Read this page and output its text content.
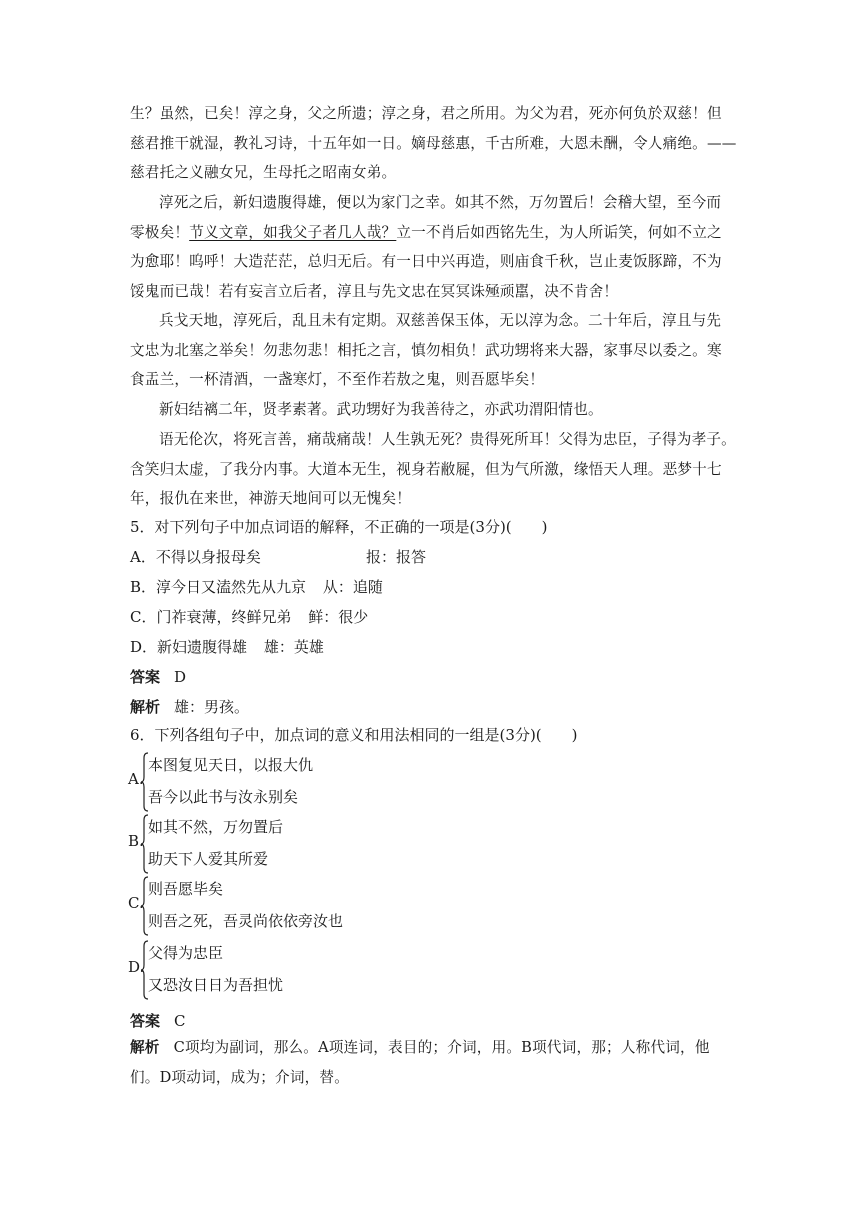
生？虽然，已矣！淳之身，父之所遗；淳之身，君之所用。为父为君，死亦何负於双慈！但
慈君推干就湿，教礼习诗，十五年如一日。嫡母慈惠，千古所难，大恩未酬，令人痛绝。——
慈君托之义融女兄，生母托之昭南女弟。
淳死之后，新妇遗腹得雄，便以为家门之幸。如其不然，万勿置后！会稽大望，至今而
零极矣！节义文章，如我父子者几人哉？立一不肖后如西铭先生，为人所诟笑，何如不立之
为愈耶！呜呼！大造茫茫，总归无后。有一日中兴再造，则庙食千秋，岂止麦饭豚蹄，不为
馁鬼而已哉！若有妄言立后者，淳且与先文忠在冥冥诛殛顽嚚，决不肯舍！
兵戈天地，淳死后，乱且未有定期。双慈善保玉体，无以淳为念。二十年后，淳且与先
文忠为北塞之举矣！勿悲勿悲！相托之言，慎勿相负！武功甥将来大器，家事尽以委之。寒
食盂兰，一杯清酒，一盏寒灯，不至作若敖之鬼，则吾愿毕矣！
新妇结褵二年，贤孝素著。武功甥好为我善待之，亦武功渭阳情也。
语无伦次，将死言善，痛哉痛哉！人生孰无死？贵得死所耳！父得为忠臣，子得为孝子。
含笑归太虚，了我分内事。大道本无生，视身若敝屣，但为气所激，缘悟天人理。恶梦十七
年，报仇在来世，神游天地间可以无愧矣！
5．对下列句子中加点词语的解释，不正确的一项是(3分)(　　)
A．不得以身报母矣	报：报答
B．淳今日又溘然先从九京 从：追随
C．门祚衰薄，终鲜兄弟 鲜：很少
D．新妇遗腹得雄 雄：英雄
答案 D
解析 雄：男孩。
6．下列各组句子中，加点词的意义和用法相同的一组是(3分)(　　)
A.
本图复见天日，以报大仇
吾今以此书与汝永别矣
B.
如其不然，万勿置后
助天下人爱其所爱
C.
则吾愿毕矣
则吾之死，吾灵尚依依旁汝也
D.
父得为忠臣
又恐汝日日为吾担忧
答案 C
解析 C项均为副词，那么。A项连词，表目的；介词，用。B项代词，那；人称代词，他
们。D项动词，成为；介词，替。
